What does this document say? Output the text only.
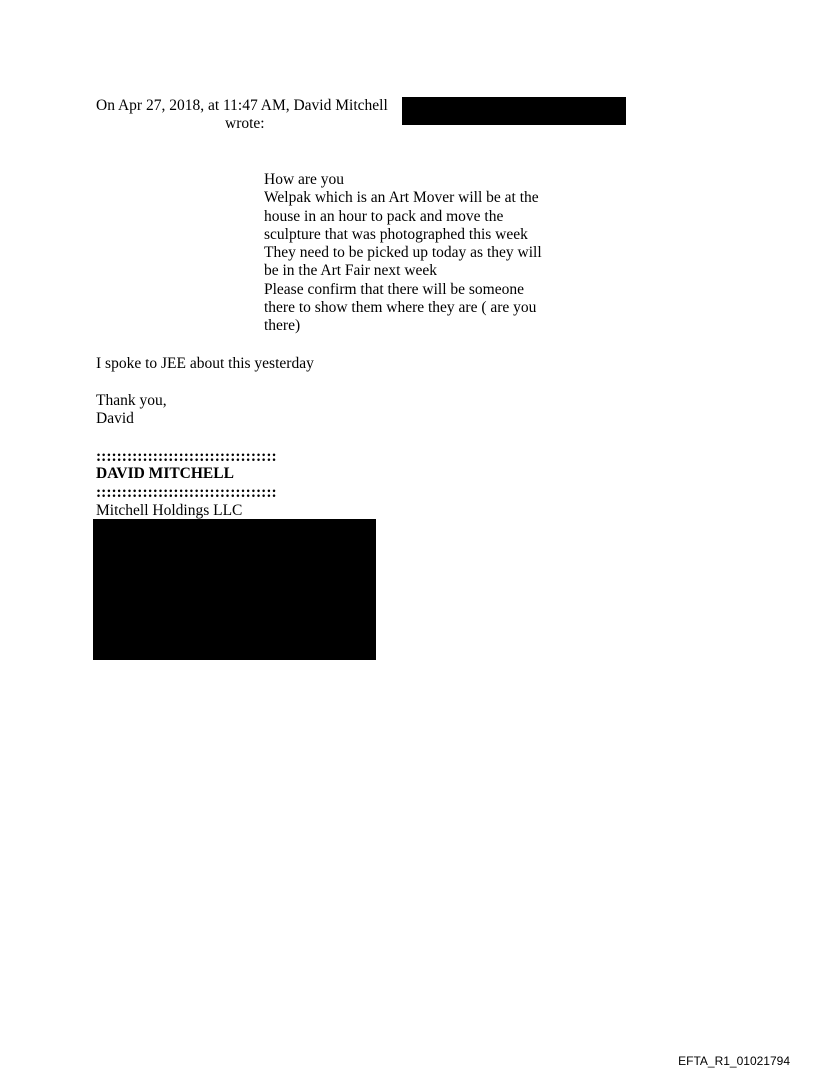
On Apr 27, 2018, at 11:47 AM, David Mitchell
wrote:
How are you
Welpak which is an Art Mover will be at the
house in an hour to pack and move the
sculpture that was photographed this week
They need to be picked up today as they will
be in the Art Fair next week
Please confirm that there will be someone
there to show them where they are ( are you
there)
I spoke to JEE about this yesterday
Thank you,
David
:::::::::::::::::::::::::::::::::::
DAVID MITCHELL
:::::::::::::::::::::::::::::::::::
Mitchell Holdings LLC
EFTA_R1_01021794
